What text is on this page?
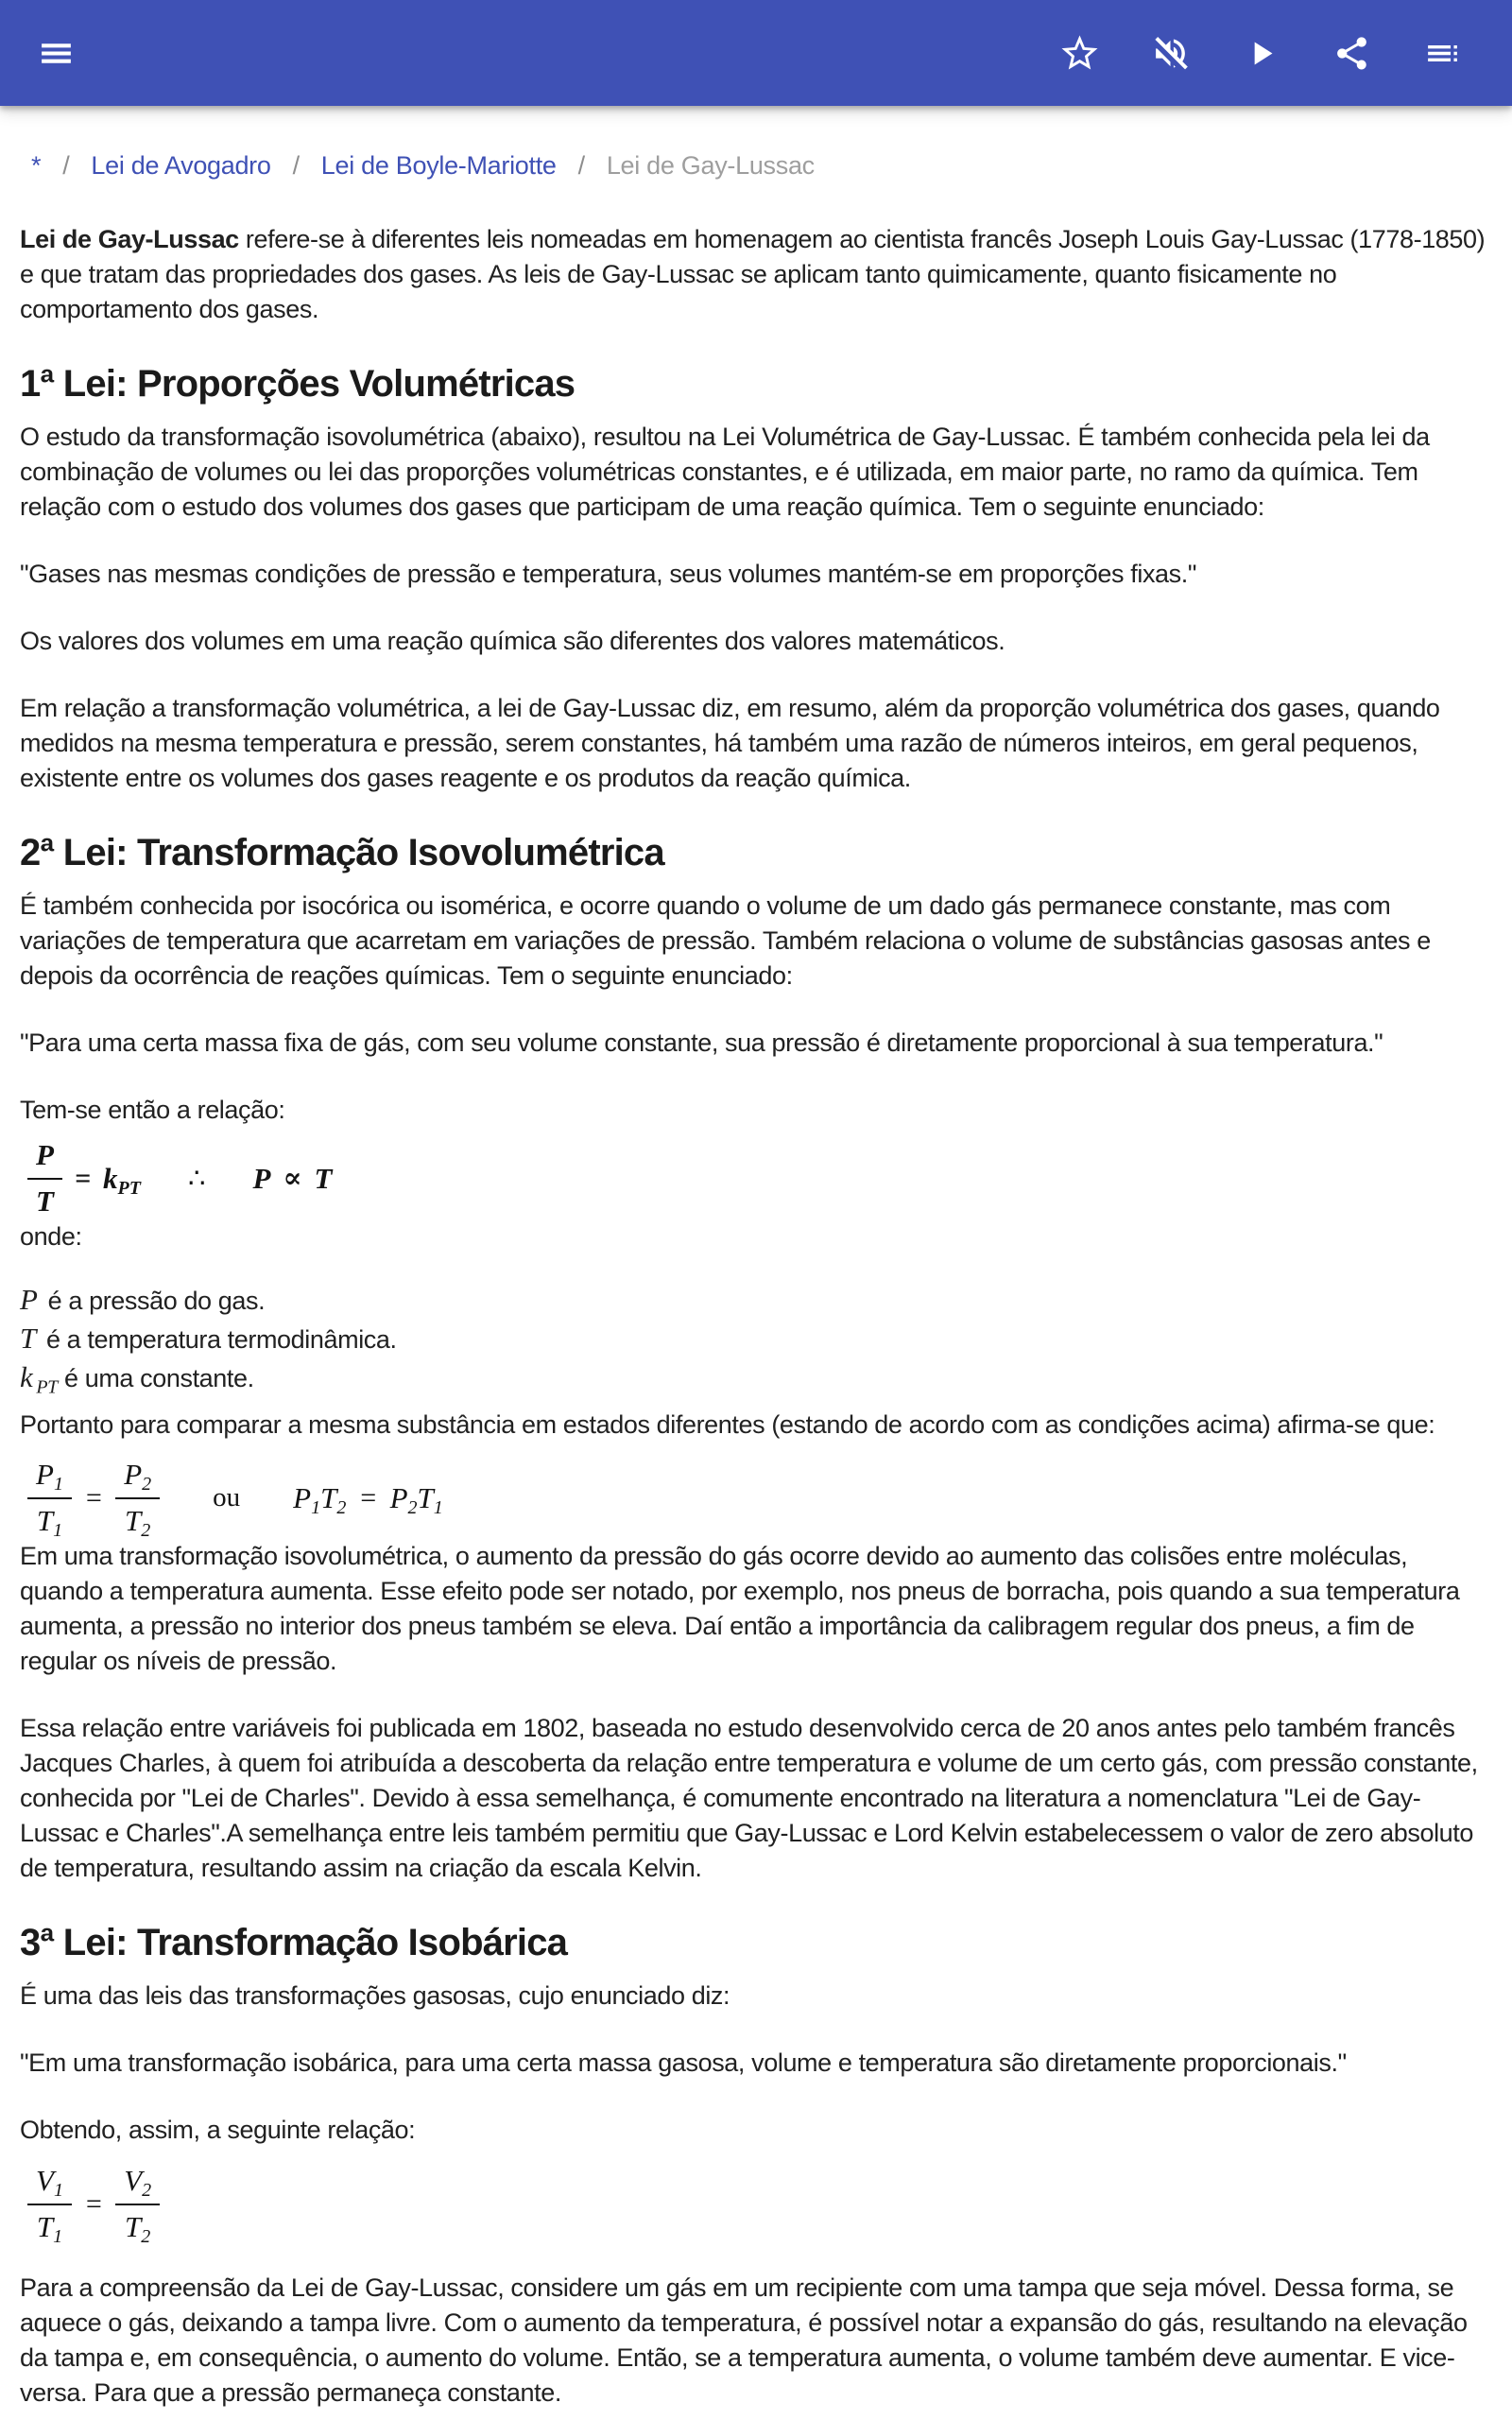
* / Lei de Avogadro / Lei de Boyle-Mariotte / Lei de Gay-Lussac

Lei de Gay-Lussac refere-se à diferentes leis nomeadas em homenagem ao cientista francês Joseph Louis Gay-Lussac (1778-1850) e que tratam das propriedades dos gases. As leis de Gay-Lussac se aplicam tanto quimicamente, quanto fisicamente no comportamento dos gases.

1ª Lei: Proporções Volumétricas

O estudo da transformação isovolumétrica (abaixo), resultou na Lei Volumétrica de Gay-Lussac. É também conhecida pela lei da combinação de volumes ou lei das proporções volumétricas constantes, e é utilizada, em maior parte, no ramo da química. Tem relação com o estudo dos volumes dos gases que participam de uma reação química. Tem o seguinte enunciado:

"Gases nas mesmas condições de pressão e temperatura, seus volumes mantém-se em proporções fixas."

Os valores dos volumes em uma reação química são diferentes dos valores matemáticos.

Em relação a transformação volumétrica, a lei de Gay-Lussac diz, em resumo, além da proporção volumétrica dos gases, quando medidos na mesma temperatura e pressão, serem constantes, há também uma razão de números inteiros, em geral pequenos, existente entre os volumes dos gases reagente e os produtos da reação química.

2ª Lei: Transformação Isovolumétrica

É também conhecida por isocórica ou isomérica, e ocorre quando o volume de um dado gás permanece constante, mas com variações de temperatura que acarretam em variações de pressão. Também relaciona o volume de substâncias gasosas antes e depois da ocorrência de reações químicas. Tem o seguinte enunciado:

"Para uma certa massa fixa de gás, com seu volume constante, sua pressão é diretamente proporcional à sua temperatura."

Tem-se então a relação:

$\frac{P}{T} = k_{PT}$ ∴ P ∝ T

onde:

P é a pressão do gas.

T é a temperatura termodinâmica.

k $_{PT}$ é uma constante.

Portanto para comparar a mesma substância em estados diferentes (estando de acordo com as condições acima) afirma-se que:

$\frac{P_1}{T_1} = \frac{P_2}{T_2}$ ou $P_1$ $T_2 = P_2$ $T_1$

Em uma transformação isovolumétrica, o aumento da pressão do gás ocorre devido ao aumento das colisões entre moléculas, quando a temperatura aumenta. Esse efeito pode ser notado, por exemplo, nos pneus de borracha, pois quando a sua temperatura aumenta, a pressão no interior dos pneus também se eleva. Daí então a importância da calibragem regular dos pneus, a fim de regular os níveis de pressão.

Essa relação entre variáveis foi publicada em 1802, baseada no estudo desenvolvido cerca de 20 anos antes pelo também francês Jacques Charles, à quem foi atribuída a descoberta da relação entre temperatura e volume de um certo gás, com pressão constante, conhecida por "Lei de Charles". Devido à essa semelhança, é comumente encontrado na literatura a nomenclatura "Lei de Gay-Lussac e Charles".A semelhança entre leis também permitiu que Gay-Lussac e Lord Kelvin estabelecessem o valor de zero absoluto de temperatura, resultando assim na criação da escala Kelvin.

3ª Lei: Transformação Isobárica

É uma das leis das transformações gasosas, cujo enunciado diz:

"Em uma transformação isobárica, para uma certa massa gasosa, volume e temperatura são diretamente proporcionais."

Obtendo, assim, a seguinte relação:

$\frac{V_1}{T_1} = \frac{V_2}{T_2}$

Para a compreensão da Lei de Gay-Lussac, considere um gás em um recipiente com uma tampa que seja móvel. Dessa forma, se aquece o gás, deixando a tampa livre. Com o aumento da temperatura, é possível notar a expansão do gás, resultando na elevação da tampa e, em consequência, o aumento do volume. Então, se a temperatura aumenta, o volume também deve aumentar. E vice-versa. Para que a pressão permaneça constante.
